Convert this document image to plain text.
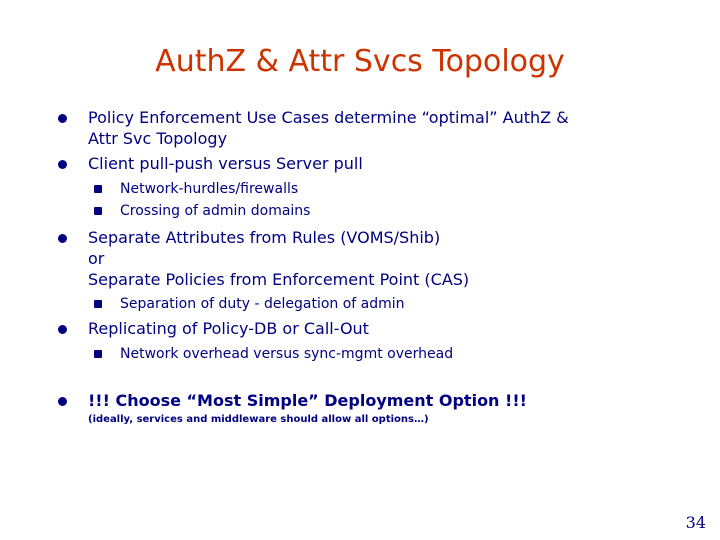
AuthZ & Attr Svcs Topology
Policy Enforcement Use Cases determine “optimal” AuthZ &
Attr Svc Topology
Client pull-push versus Server pull
Network-hurdles/firewalls
Crossing of admin domains
Separate Attributes from Rules (VOMS/Shib)
or
Separate Policies from Enforcement Point (CAS)
Separation of duty - delegation of admin
Replicating of Policy-DB or Call-Out
Network overhead versus sync-mgmt overhead
!!! Choose “Most Simple” Deployment Option !!!
(ideally, services and middleware should allow all options…)
34
